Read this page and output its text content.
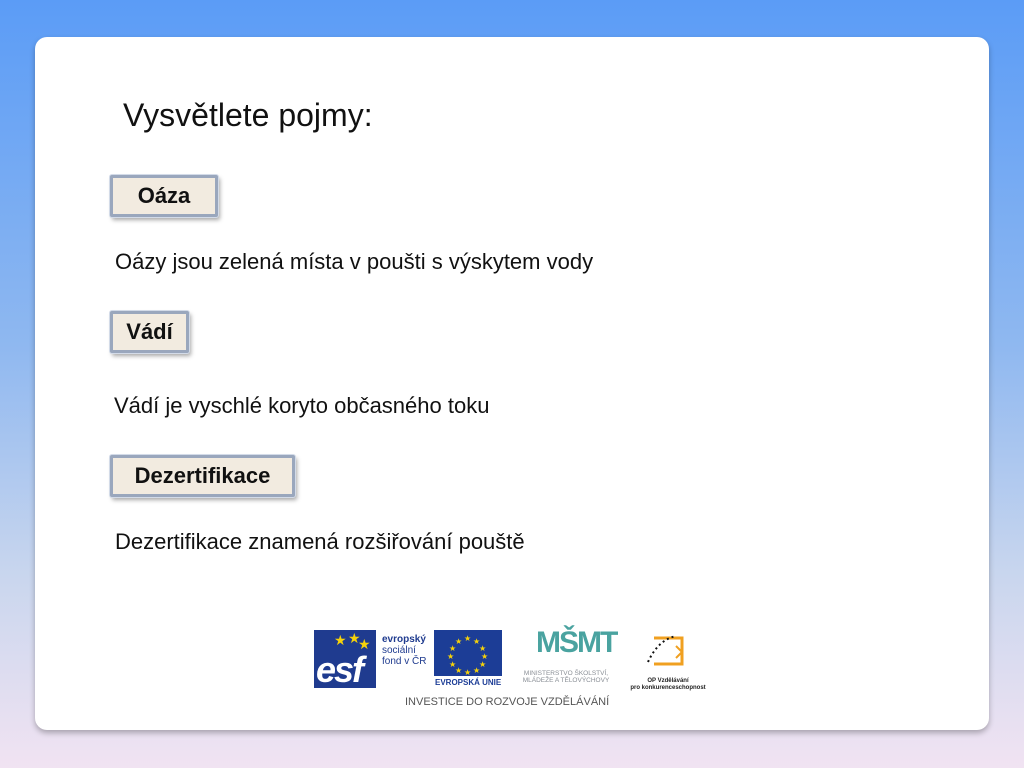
Vysvětlete pojmy:
Oáza
Oázy jsou zelená místa v poušti s výskytem vody
Vádí
Vádí je vyschlé koryto občasného toku
Dezertifikace
Dezertifikace znamená rozšiřování pouště
★ ★
★
esf
evropský
sociální
fond v ČR
★ ★
★
★
★
★
★
★
★
★
★
★
EVROPSKÁ UNIE
MŠMT
MINISTERSTVO ŠKOLSTVÍ,
MLÁDEŽE A TĚLOVÝCHOVY	OP Vzdělávání
pro konkurenceschopnost
INVESTICE DO ROZVOJE VZDĚLÁVÁNÍ
